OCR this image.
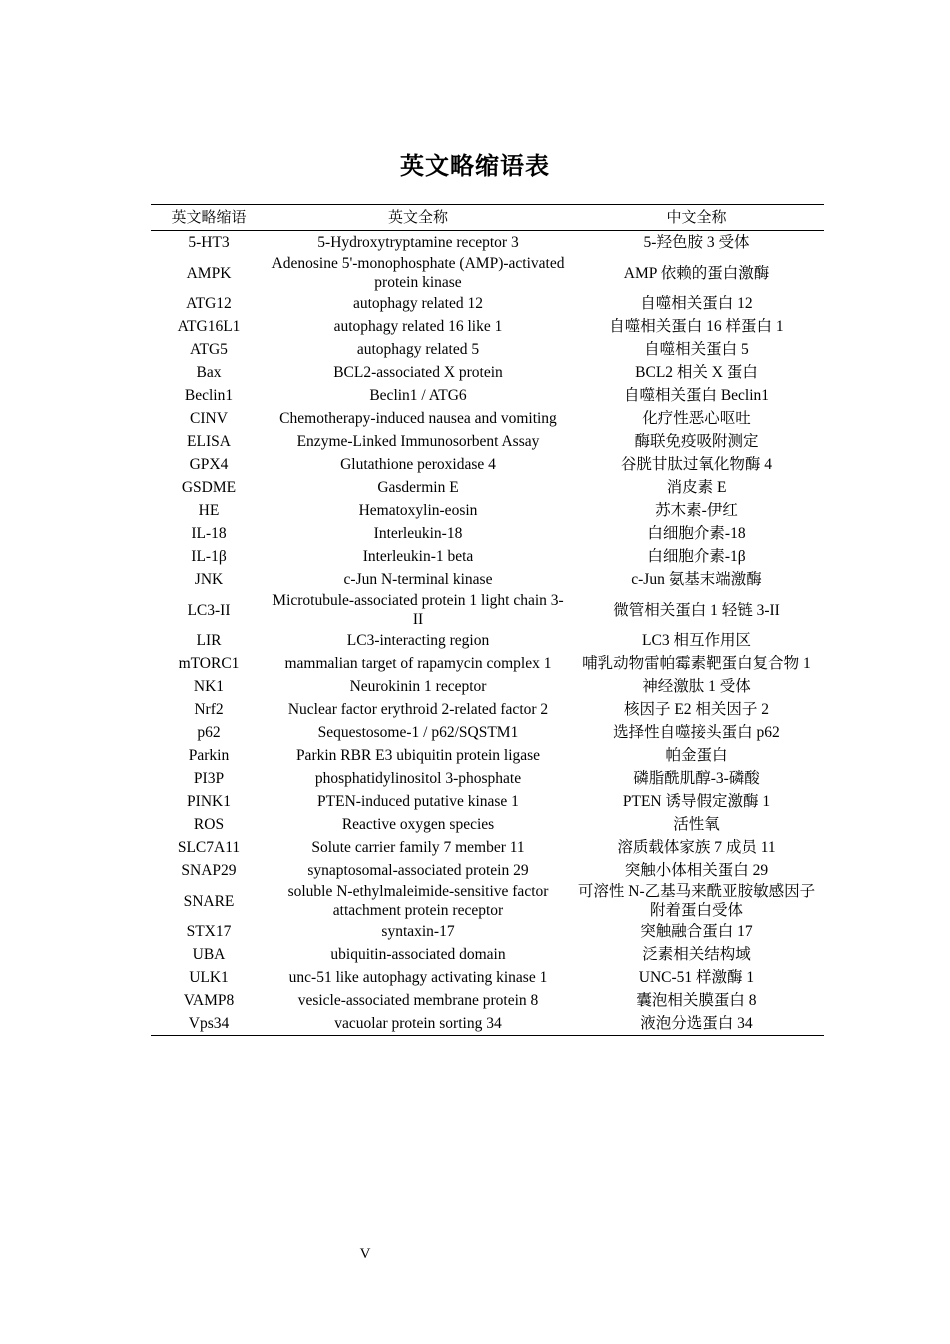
英文略缩语表
英文略缩语	英文全称	中文全称
5-HT3	5-Hydroxytryptamine receptor 3	5-羟色胺 3 受体
AMPK	Adenosine 5'-monophosphate (AMP)-activated protein kinase	AMP 依赖的蛋白激酶
ATG12	autophagy related 12	自噬相关蛋白 12
ATG16L1	autophagy related 16 like 1	自噬相关蛋白 16 样蛋白 1
ATG5	autophagy related 5	自噬相关蛋白 5
Bax	BCL2-associated X protein	BCL2 相关 X 蛋白
Beclin1	Beclin1 / ATG6	自噬相关蛋白 Beclin1
CINV	Chemotherapy-induced nausea and vomiting	化疗性恶心呕吐
ELISA	Enzyme-Linked Immunosorbent Assay	酶联免疫吸附测定
GPX4	Glutathione peroxidase 4	谷胱甘肽过氧化物酶 4
GSDME	Gasdermin E	消皮素 E
HE	Hematoxylin-eosin	苏木素-伊红
IL-18	Interleukin-18	白细胞介素-18
IL-1β	Interleukin-1 beta	白细胞介素-1β
JNK	c-Jun N-terminal kinase	c-Jun 氨基末端激酶
LC3-II	Microtubule-associated protein 1 light chain 3-II	微管相关蛋白 1 轻链 3-II
LIR	LC3-interacting region	LC3 相互作用区
mTORC1	mammalian target of rapamycin complex 1	哺乳动物雷帕霉素靶蛋白复合物 1
NK1	Neurokinin 1 receptor	神经激肽 1 受体
Nrf2	Nuclear factor erythroid 2-related factor 2	核因子 E2 相关因子 2
p62	Sequestosome-1 / p62/SQSTM1	选择性自噬接头蛋白 p62
Parkin	Parkin RBR E3 ubiquitin protein ligase	帕金蛋白
PI3P	phosphatidylinositol 3-phosphate	磷脂酰肌醇-3-磷酸
PINK1	PTEN-induced putative kinase 1	PTEN 诱导假定激酶 1
ROS	Reactive oxygen species	活性氧
SLC7A11	Solute carrier family 7 member 11	溶质载体家族 7 成员 11
SNAP29	synaptosomal-associated protein 29	突触小体相关蛋白 29
SNARE	soluble N-ethylmaleimide-sensitive factor attachment protein receptor	可溶性 N-乙基马来酰亚胺敏感因子附着蛋白受体
STX17	syntaxin-17	突触融合蛋白 17
UBA	ubiquitin-associated domain	泛素相关结构域
ULK1	unc-51 like autophagy activating kinase 1	UNC-51 样激酶 1
VAMP8	vesicle-associated membrane protein 8	囊泡相关膜蛋白 8
Vps34	vacuolar protein sorting 34	液泡分选蛋白 34
V
